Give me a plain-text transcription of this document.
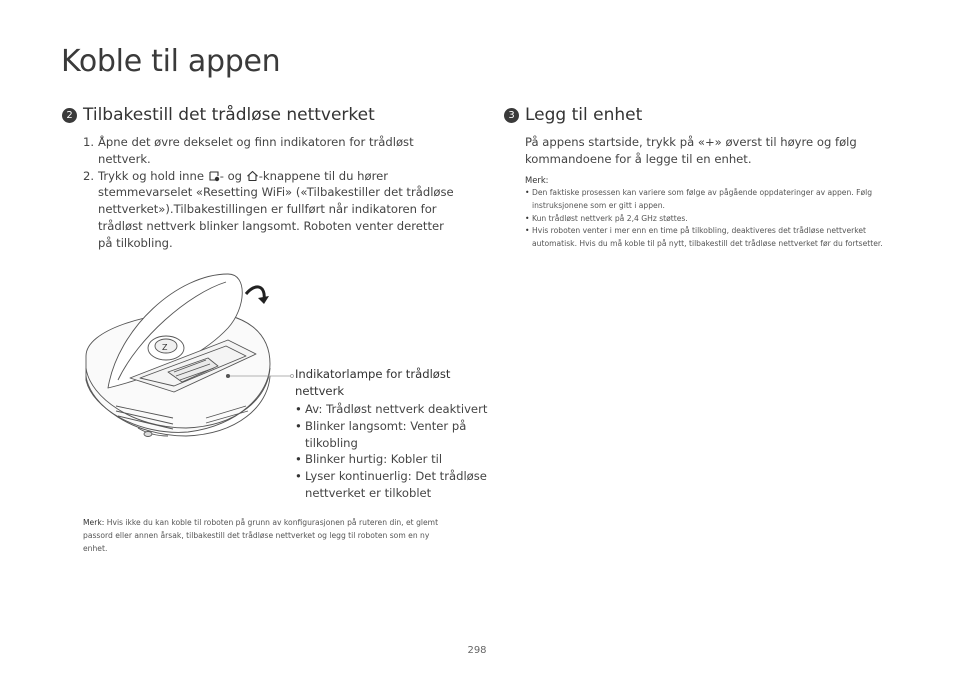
Koble til appen
2 Tilbakestill det trådløse nettverket
1. Åpne det øvre dekselet og finn indikatoren for trådløst nettverk.
2. Trykk og hold inne - og -knappene til du hører stemmevarselet «Resetting WiFi» («Tilbakestiller det trådløse nettverket»).Tilbakestillingen er fullført når indikatoren for trådløst nettverk blinker langsomt. Roboten venter deretter på tilkobling.
Z

Indikatorlampe for trådløst nettverk

• Av: Trådløst nettverk deaktivert
• Blinker langsomt: Venter på tilkobling
• Blinker hurtig: Kobler til
• Lyser kontinuerlig: Det trådløse nettverket er tilkoblet

Merk: Hvis ikke du kan koble til roboten på grunn av konfigurasjonen på ruteren din, et glemt passord eller annen årsak, tilbakestill det trådløse nettverket og legg til roboten som en ny enhet.

3 Legg til enhet

På appens startside, trykk på «+» øverst til høyre og følg kommandoene for å legge til en enhet.

Merk:

• Den faktiske prosessen kan variere som følge av pågående oppdateringer av appen. Følg instruksjonene som er gitt i appen.
• Kun trådløst nettverk på 2,4 GHz støttes.
• Hvis roboten venter i mer enn en time på tilkobling, deaktiveres det trådløse nettverket automatisk. Hvis du må koble til på nytt, tilbakestill det trådløse nettverket før du fortsetter.
298
